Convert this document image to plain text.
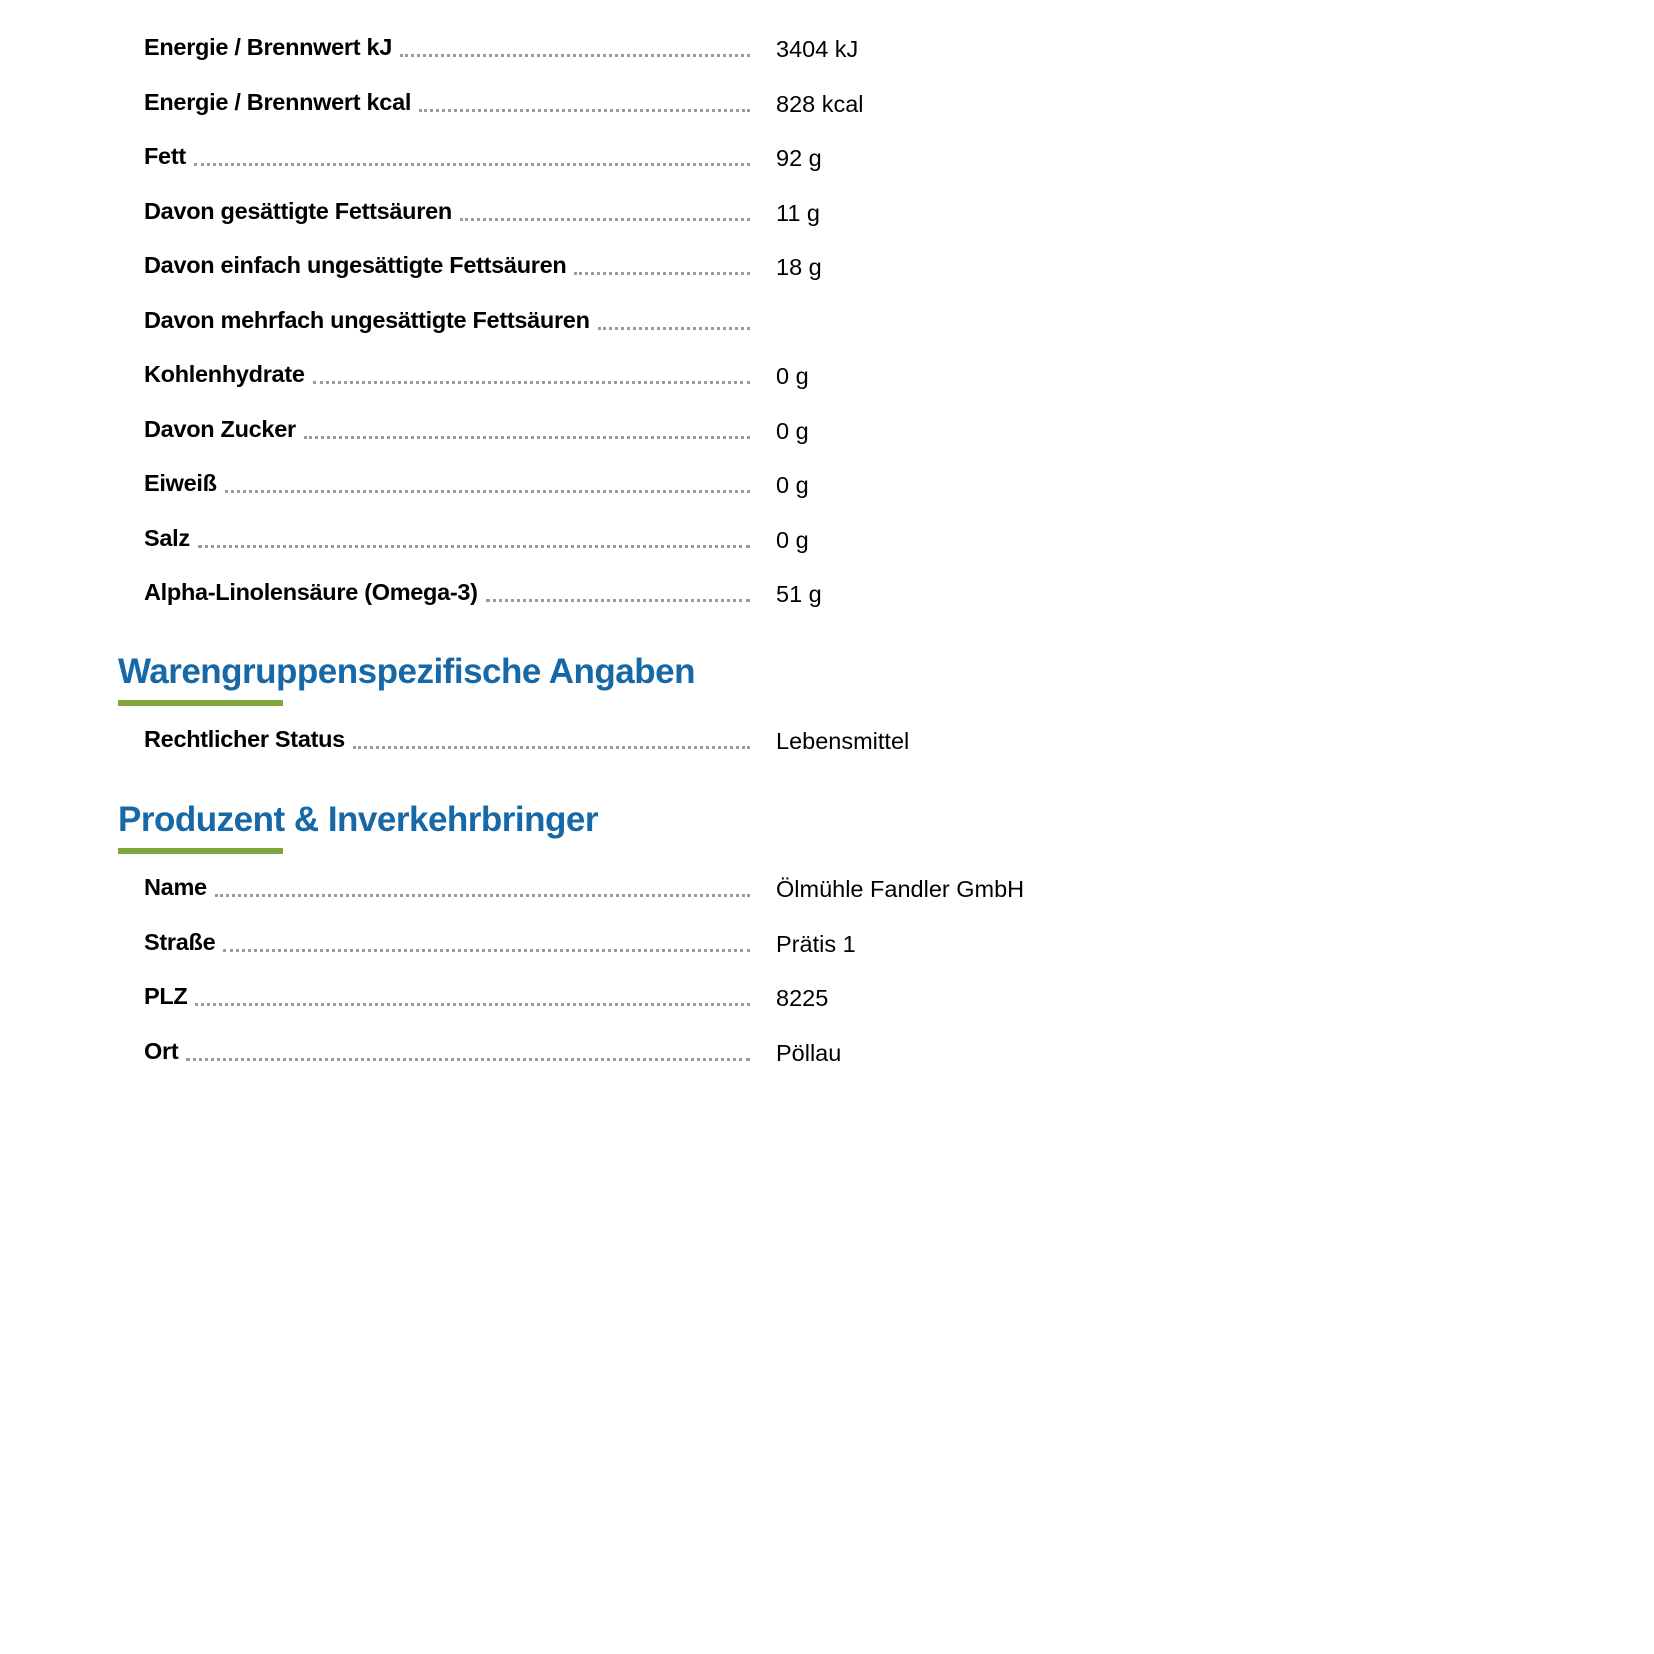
Energie / Brennwert kJ	3404 kJ
Energie / Brennwert kcal	828 kcal
Fett	92 g
Davon gesättigte Fettsäuren	11 g
Davon einfach ungesättigte Fettsäuren	18 g
Davon mehrfach ungesättigte Fettsäuren
Kohlenhydrate	0 g
Davon Zucker	0 g
Eiweiß	0 g
Salz	0 g
Alpha-Linolensäure (Omega-3)	51 g
Warengruppenspezifische Angaben
Rechtlicher Status	Lebensmittel
Produzent & Inverkehrbringer
Name	Ölmühle Fandler GmbH
Straße	Prätis 1
PLZ	8225
Ort	Pöllau
